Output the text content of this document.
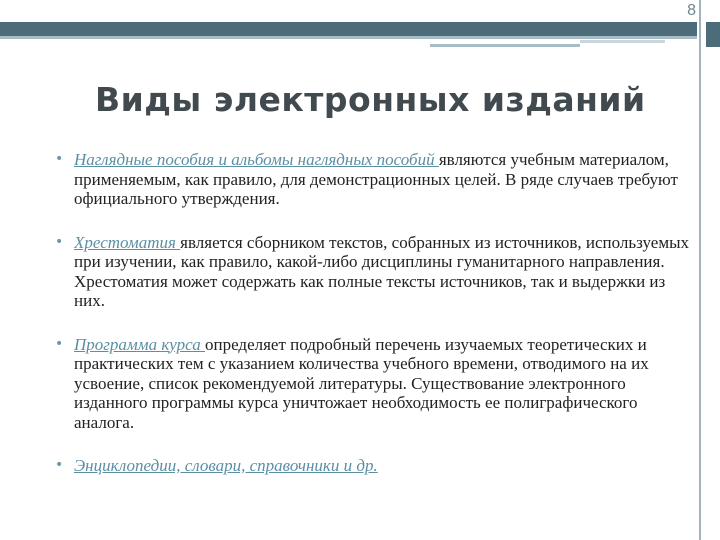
8
Виды электронных изданий
• Наглядные пособия и альбомы наглядных пособий являются учебным материалом, применяемым, как правило, для демонстрационных целей. В ряде случаев требуют официального утверждения.
• Хрестоматия является сборником текстов, собранных из источников, используемых при изучении, как правило, какой-либо дисциплины гуманитарного направления. Хрестоматия может содержать как полные тексты источников, так и выдержки из них.
• Программа курса определяет подробный перечень изучаемых теоретических и практических тем с указанием количества учебного времени, отводимого на их усвоение, список рекомендуемой литературы. Существование электронного изданного программы курса уничтожает необходимость ее полиграфического аналога.
• Энциклопедии, словари, справочники и др.
